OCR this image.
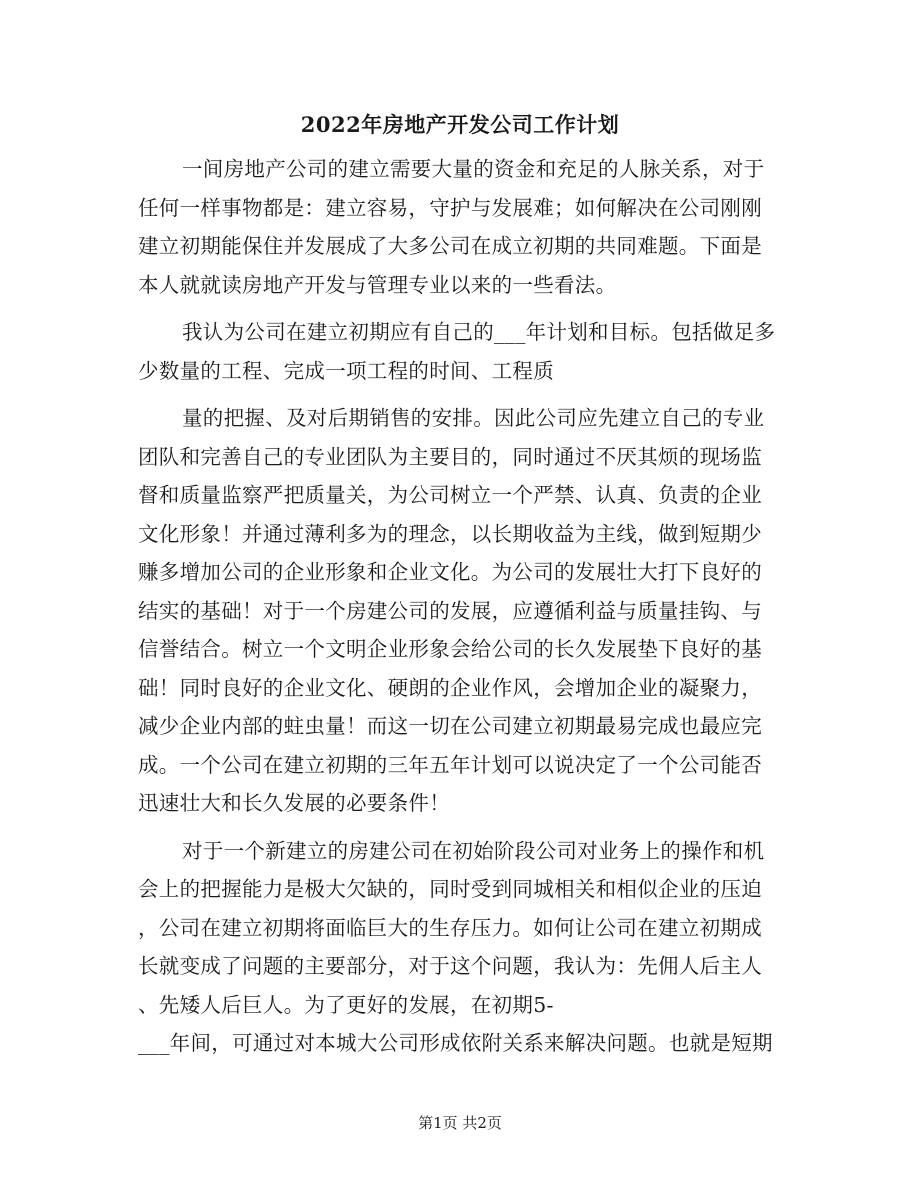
2022年房地产开发公司工作计划
一间房地产公司的建立需要大量的资金和充足的人脉关系，对于
任何一样事物都是：建立容易，守护与发展难；如何解决在公司刚刚
建立初期能保住并发展成了大多公司在成立初期的共同难题。下面是
本人就就读房地产开发与管理专业以来的一些看法。
我认为公司在建立初期应有自己的___年计划和目标。包括做足多
少数量的工程、完成一项工程的时间、工程质
量的把握、及对后期销售的安排。因此公司应先建立自己的专业
团队和完善自己的专业团队为主要目的，同时通过不厌其烦的现场监
督和质量监察严把质量关，为公司树立一个严禁、认真、负责的企业
文化形象！并通过薄利多为的理念，以长期收益为主线，做到短期少
赚多增加公司的企业形象和企业文化。为公司的发展壮大打下良好的
结实的基础！对于一个房建公司的发展，应遵循利益与质量挂钩、与
信誉结合。树立一个文明企业形象会给公司的长久发展垫下良好的基
础！同时良好的企业文化、硬朗的企业作风，会增加企业的凝聚力，
减少企业内部的蛀虫量！而这一切在公司建立初期最易完成也最应完
成。一个公司在建立初期的三年五年计划可以说决定了一个公司能否
迅速壮大和长久发展的必要条件！
对于一个新建立的房建公司在初始阶段公司对业务上的操作和机
会上的把握能力是极大欠缺的，同时受到同城相关和相似企业的压迫
，公司在建立初期将面临巨大的生存压力。如何让公司在建立初期成
长就变成了问题的主要部分，对于这个问题，我认为：先佣人后主人
、先矮人后巨人。为了更好的发展，在初期5-
___年间，可通过对本城大公司形成依附关系来解决问题。也就是短期
第1页 共2页
